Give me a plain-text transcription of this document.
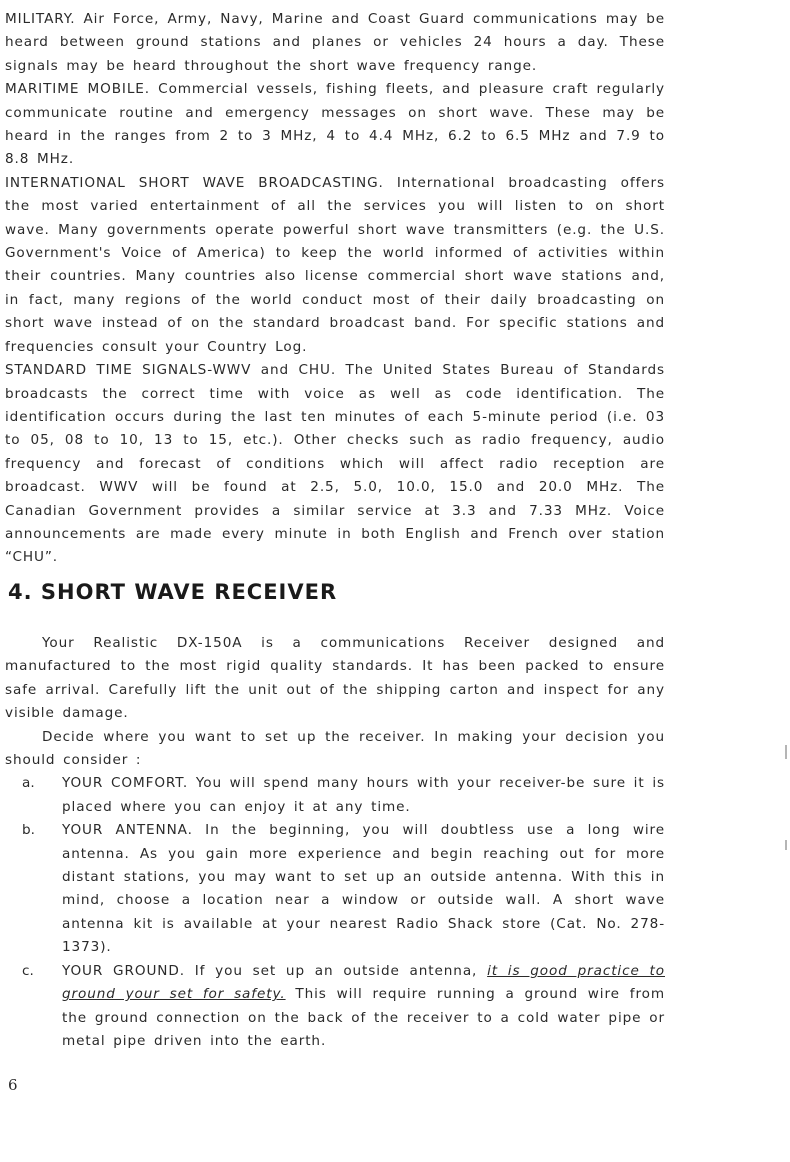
MILITARY. Air Force, Army, Navy, Marine and Coast Guard communications may be heard between ground stations and planes or vehicles 24 hours a day. These signals may be heard throughout the short wave frequency range.

MARITIME MOBILE. Commercial vessels, fishing fleets, and pleasure craft regularly communicate routine and emergency messages on short wave. These may be heard in the ranges from 2 to 3 MHz, 4 to 4.4 MHz, 6.2 to 6.5 MHz and 7.9 to 8.8 MHz.

INTERNATIONAL SHORT WAVE BROADCASTING. International broadcasting offers the most varied entertainment of all the services you will listen to on short wave. Many governments operate powerful short wave transmitters (e.g. the U.S. Government's Voice of America) to keep the world informed of activities within their countries. Many countries also license commercial short wave stations and, in fact, many regions of the world conduct most of their daily broadcasting on short wave instead of on the standard broadcast band. For specific stations and frequencies consult your Country Log.

STANDARD TIME SIGNALS-WWV and CHU. The United States Bureau of Standards broadcasts the correct time with voice as well as code identification. The identification occurs during the last ten minutes of each 5-minute period (i.e. 03 to 05, 08 to 10, 13 to 15, etc.). Other checks such as radio frequency, audio frequency and forecast of conditions which will affect radio reception are broadcast. WWV will be found at 2.5, 5.0, 10.0, 15.0 and 20.0 MHz. The Canadian Government provides a similar service at 3.3 and 7.33 MHz. Voice announcements are made every minute in both English and French over station “CHU”.

4. SHORT WAVE RECEIVER

Your Realistic DX-150A is a communications Receiver designed and manufactured to the most rigid quality standards. It has been packed to ensure safe arrival. Carefully lift the unit out of the shipping carton and inspect for any visible damage.

Decide where you want to set up the receiver. In making your decision you should consider :

a.	YOUR COMFORT. You will spend many hours with your receiver-be sure it is placed where you can enjoy it at any time.

b.	YOUR ANTENNA. In the beginning, you will doubtless use a long wire antenna. As you gain more experience and begin reaching out for more distant stations, you may want to set up an outside antenna. With this in mind, choose a location near a window or outside wall. A short wave antenna kit is available at your nearest Radio Shack store (Cat. No. 278-1373).

c.	YOUR GROUND. If you set up an outside antenna, it is good practice to ground your set for safety. This will require running a ground wire from the ground connection on the back of the receiver to a cold water pipe or metal pipe driven into the earth.

6
